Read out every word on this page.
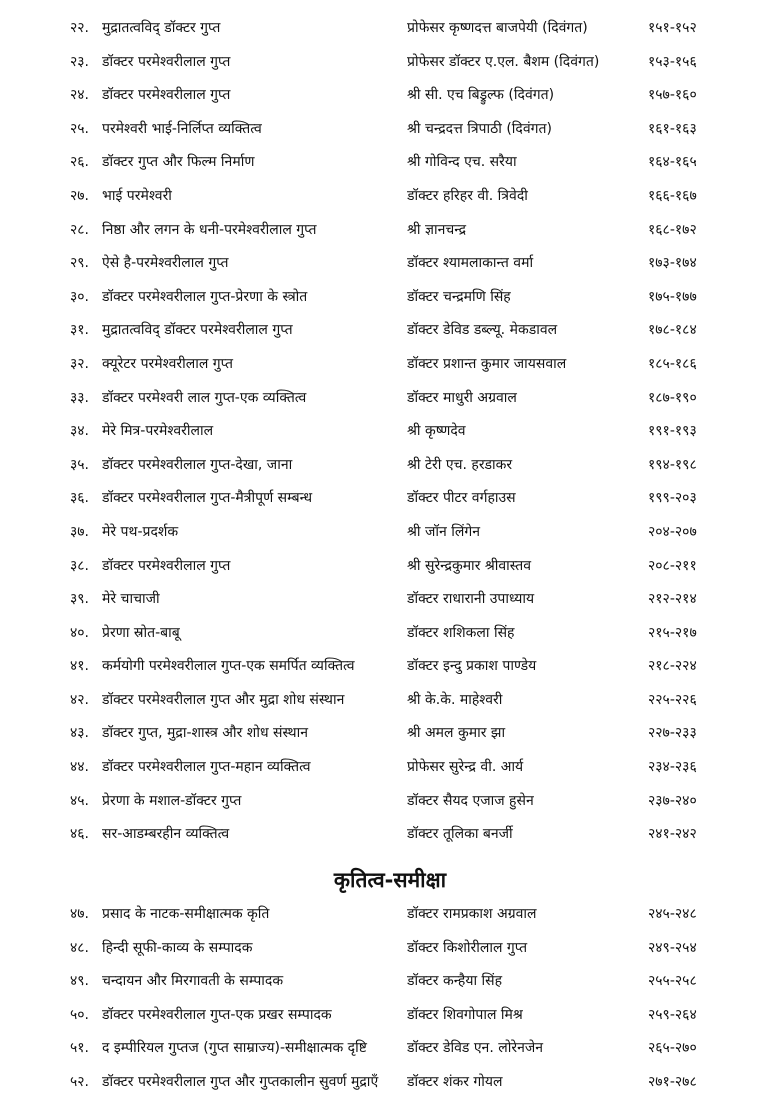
२२. मुद्रातत्वविद् डॉक्टर गुप्त	प्रोफेसर कृष्णदत्त बाजपेयी (दिवंगत)	१५१-१५२
२३. डॉक्टर परमेश्वरीलाल गुप्त	प्रोफेसर डॉक्टर ए.एल. बैशम (दिवंगत)	१५३-१५६
२४. डॉक्टर परमेश्वरीलाल गुप्त	श्री सी. एच बिड्रुल्फ (दिवंगत)	१५७-१६०
२५. परमेश्वरी भाई-निर्लिप्त व्यक्तित्व	श्री चन्द्रदत्त त्रिपाठी (दिवंगत)	१६१-१६३
२६. डॉक्टर गुप्त और फिल्म निर्माण	श्री गोविन्द एच. सरैया	१६४-१६५
२७. भाई परमेश्वरी	डॉक्टर हरिहर वी. त्रिवेदी	१६६-१६७
२८. निष्ठा और लगन के धनी-परमेश्वरीलाल गुप्त	श्री ज्ञानचन्द्र	१६८-१७२
२९. ऐसे है-परमेश्वरीलाल गुप्त	डॉक्टर श्यामलाकान्त वर्मा	१७३-१७४
३०. डॉक्टर परमेश्वरीलाल गुप्त-प्रेरणा के स्त्रोत	डॉक्टर चन्द्रमणि सिंह	१७५-१७७
३१. मुद्रातत्वविद् डॉक्टर परमेश्वरीलाल गुप्त	डॉक्टर डेविड डब्ल्यू. मेकडावल	१७८-१८४
३२. क्यूरेटर परमेश्वरीलाल गुप्त	डॉक्टर प्रशान्त कुमार जायसवाल	१८५-१८६
३३. डॉक्टर परमेश्वरी लाल गुप्त-एक व्यक्तित्व	डॉक्टर माधुरी अग्रवाल	१८७-१९०
३४. मेरे मित्र-परमेश्वरीलाल	श्री कृष्णदेव	१९१-१९३
३५. डॉक्टर परमेश्वरीलाल गुप्त-देखा, जाना	श्री टेरी एच. हरडाकर	१९४-१९८
३६. डॉक्टर परमेश्वरीलाल गुप्त-मैत्रीपूर्ण सम्बन्ध	डॉक्टर पीटर वर्गहाउस	१९९-२०३
३७. मेरे पथ-प्रदर्शक	श्री जॉन लिंगेन	२०४-२०७
३८. डॉक्टर परमेश्वरीलाल गुप्त	श्री सुरेन्द्रकुमार श्रीवास्तव	२०८-२११
३९. मेरे चाचाजी	डॉक्टर राधारानी उपाध्याय	२१२-२१४
४०. प्रेरणा स्रोत-बाबू	डॉक्टर शशिकला सिंह	२१५-२१७
४१. कर्मयोगी परमेश्वरीलाल गुप्त-एक समर्पित व्यक्तित्व	डॉक्टर इन्दु प्रकाश पाण्डेय	२१८-२२४
४२. डॉक्टर परमेश्वरीलाल गुप्त और मुद्रा शोध संस्थान	श्री के.के. माहेश्वरी	२२५-२२६
४३. डॉक्टर गुप्त, मुद्रा-शास्त्र और शोध संस्थान	श्री अमल कुमार झा	२२७-२३३
४४. डॉक्टर परमेश्वरीलाल गुप्त-महान व्यक्तित्व	प्रोफेसर सुरेन्द्र वी. आर्य	२३४-२३६
४५. प्रेरणा के मशाल-डॉक्टर गुप्त	डॉक्टर सैयद एजाज हुसेन	२३७-२४०
४६. सर-आडम्बरहीन व्यक्तित्व	डॉक्टर तूलिका बनर्जी	२४१-२४२
कृतित्व-समीक्षा
४७. प्रसाद के नाटक-समीक्षात्मक कृति	डॉक्टर रामप्रकाश अग्रवाल	२४५-२४८
४८. हिन्दी सूफी-काव्य के सम्पादक	डॉक्टर किशोरीलाल गुप्त	२४९-२५४
४९. चन्दायन और मिरगावती के सम्पादक	डॉक्टर कन्हैया सिंह	२५५-२५८
५०. डॉक्टर परमेश्वरीलाल गुप्त-एक प्रखर सम्पादक	डॉक्टर शिवगोपाल मिश्र	२५९-२६४
५१. द इम्पीरियल गुप्तज (गुप्त साम्राज्य)-समीक्षात्मक दृष्टि	डॉक्टर डेविड एन. लोरेनजेन	२६५-२७०
५२. डॉक्टर परमेश्वरीलाल गुप्त और गुप्तकालीन सुवर्ण मुद्राएँ	डॉक्टर शंकर गोयल	२७१-२७८
